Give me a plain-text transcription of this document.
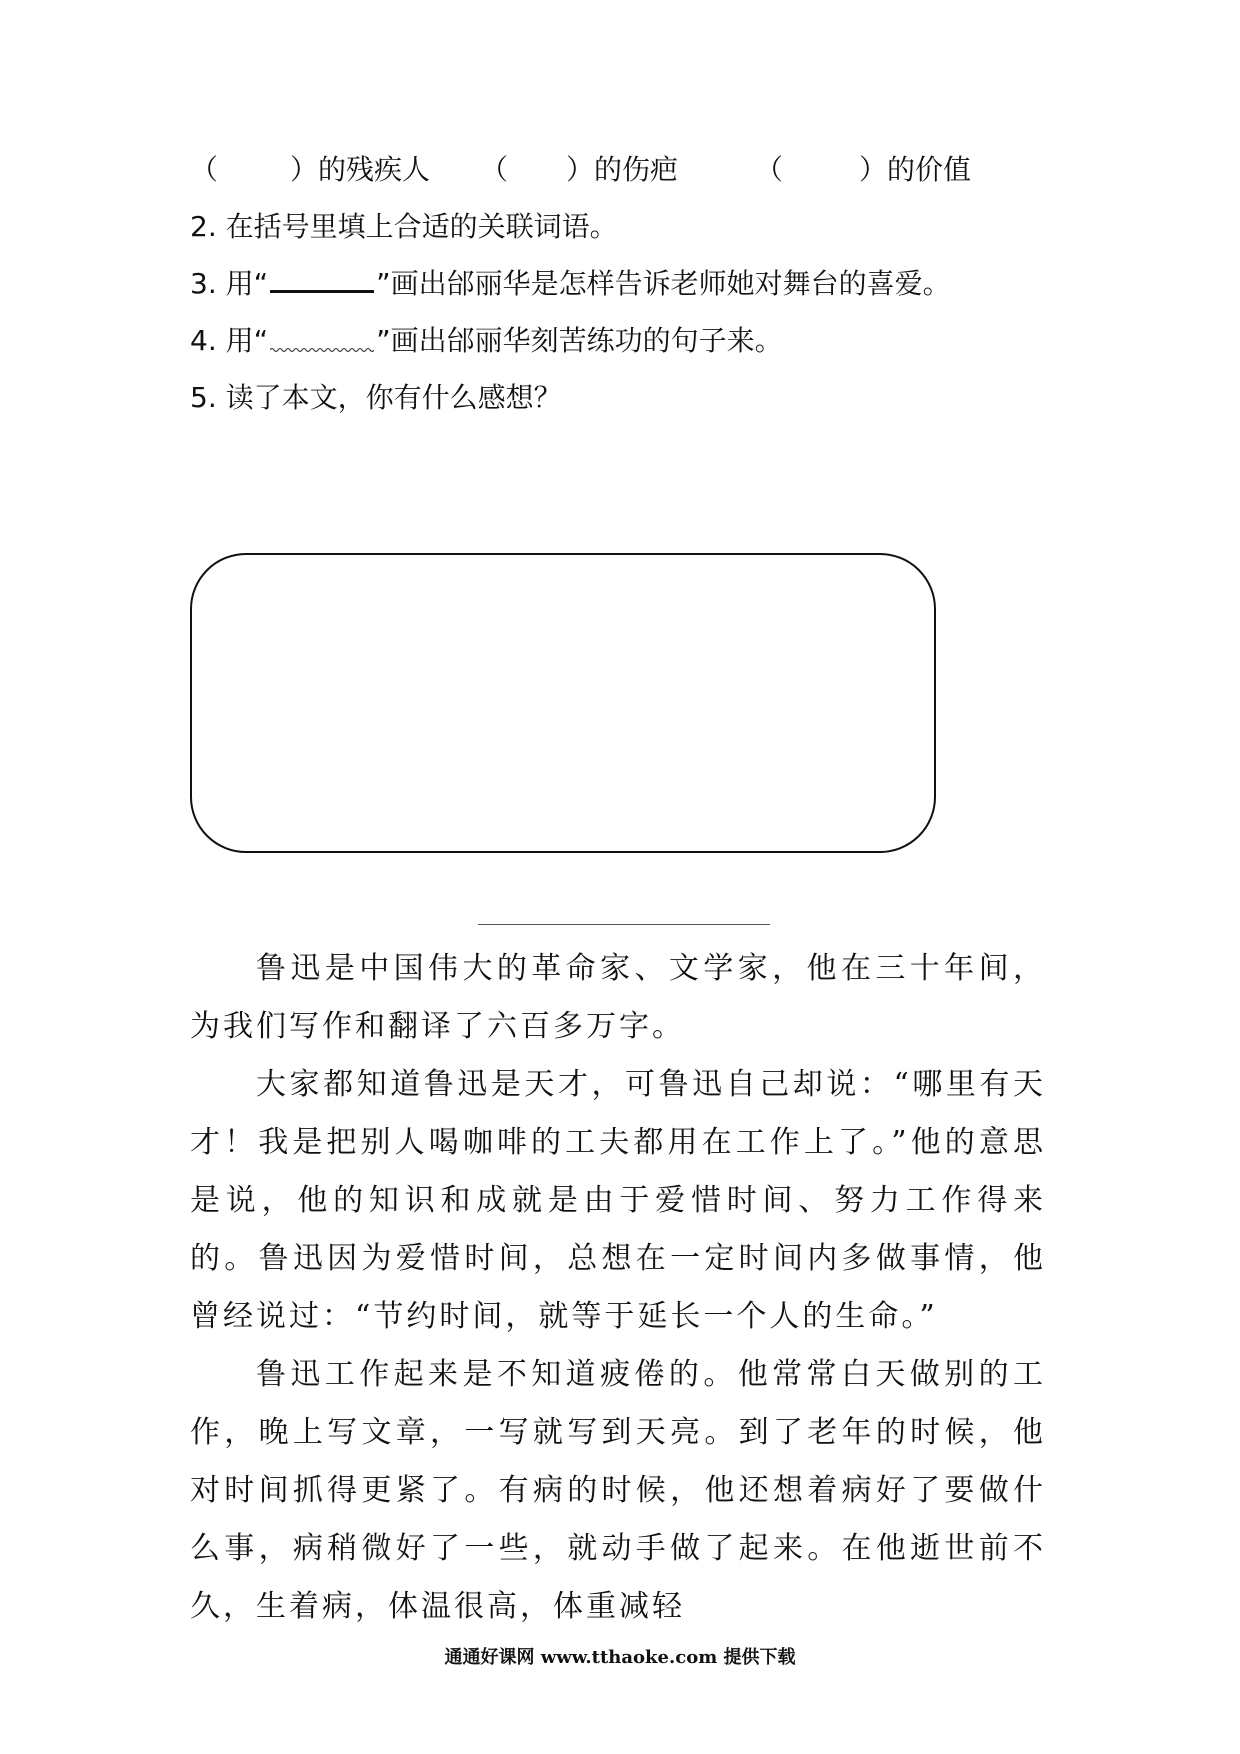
（	）的残疾人 （ ）的伤疤	（	）的价值
2. 在括号里填上合适的关联词语。
3. 用“	”画出邰丽华是怎样告诉老师她对舞台的喜爱。
4. 用“	”画出邰丽华刻苦练功的句子来。
5. 读了本文，你有什么感想？

鲁迅是中国伟大的革命家、文学家，他在三十年间，为我们写作和翻译了六百多万字。

大家都知道鲁迅是天才，可鲁迅自己却说：“哪里有天才！我是把别人喝咖啡的工夫都用在工作上了。”他的意思是说，他的知识和成就是由于爱惜时间、努力工作得来的。鲁迅因为爱惜时间，总想在一定时间内多做事情，他曾经说过：“节约时间，就等于延长一个人的生命。”

鲁迅工作起来是不知道疲倦的。他常常白天做别的工作，晚上写文章，一写就写到天亮。到了老年的时候，他对时间抓得更紧了。有病的时候，他还想着病好了要做什么事，病稍微好了一些，就动手做了起来。在他逝世前不久，生着病，体温很高，体重减轻

通通好课网 www.tthaoke.com 提供下载
